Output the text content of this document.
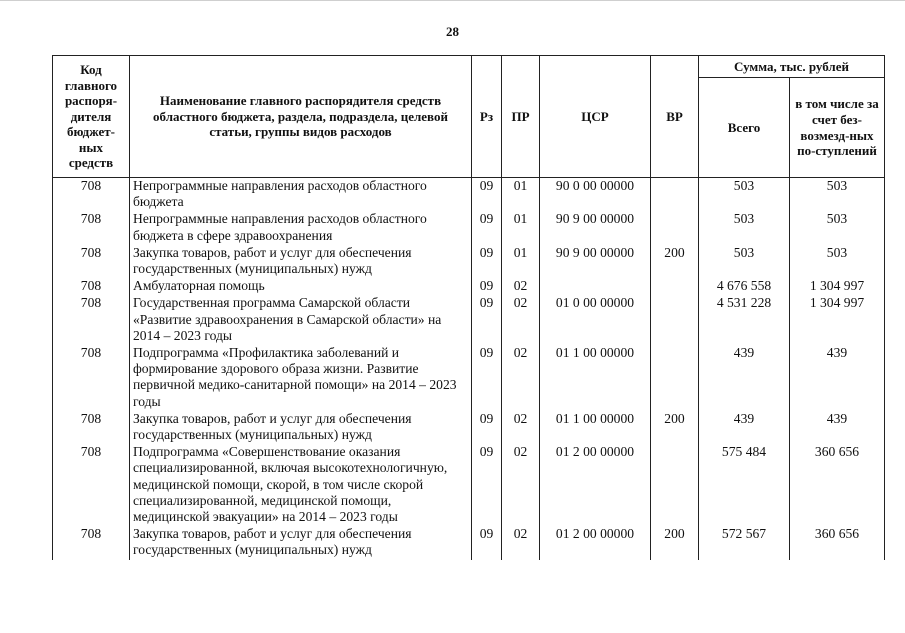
28
Код главного распоря-дителя бюджет-ных средств	Наименование главного распорядителя средств областного бюджета, раздела, подраздела, целевой статьи, группы видов расходов	Рз	ПР	ЦСР	ВР	Сумма, тыс. рублей	
						Всего	в том числе за счет без-возмезд-ных по-ступлений
708	Непрограммные направления расходов областного бюджета	09	01	90 0 00 00000		503	503
708	Непрограммные направления расходов областного бюджета в сфере здравоохранения	09	01	90 9 00 00000		503	503
708	Закупка товаров, работ и услуг для обеспечения государственных (муниципальных) нужд	09	01	90 9 00 00000	200	503	503
708	Амбулаторная помощь	09	02			4 676 558	1 304 997
708	Государственная программа Самарской области «Развитие здравоохранения в Самарской области» на 2014 – 2023 годы	09	02	01 0 00 00000		4 531 228	1 304 997
708	Подпрограмма «Профилактика заболеваний и формирование здорового образа жизни. Развитие первичной медико-санитарной помощи» на 2014 – 2023 годы	09	02	01 1 00 00000		439	439
708	Закупка товаров, работ и услуг для обеспечения государственных (муниципальных) нужд	09	02	01 1 00 00000	200	439	439
708	Подпрограмма «Совершенствование оказания специализированной, включая высокотехнологичную, медицинской помощи, скорой, в том числе скорой специализированной, медицинской помощи, медицинской эвакуации» на 2014 – 2023 годы	09	02	01 2 00 00000		575 484	360 656
708	Закупка товаров, работ и услуг для обеспечения государственных (муниципальных) нужд	09	02	01 2 00 00000	200	572 567	360 656
